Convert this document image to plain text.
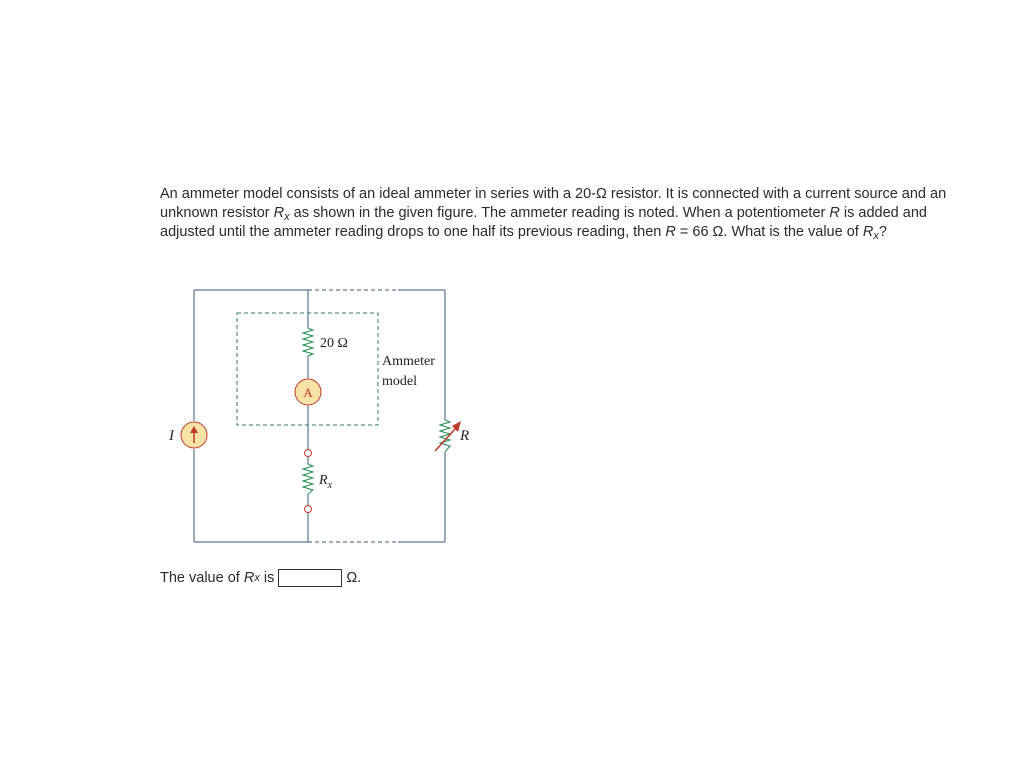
An ammeter model consists of an ideal ammeter in series with a 20-Ω resistor. It is connected with a current source and an unknown resistor $R_x$ as shown in the given figure. The ammeter reading is noted. When a potentiometer R is added and adjusted until the ammeter reading drops to one half its previous reading, then R = 66 Ω. What is the value of $R_x$?

20 Ω
A
Ammeter
model
I
$R_x$
R
The value of R x is	Ω.
